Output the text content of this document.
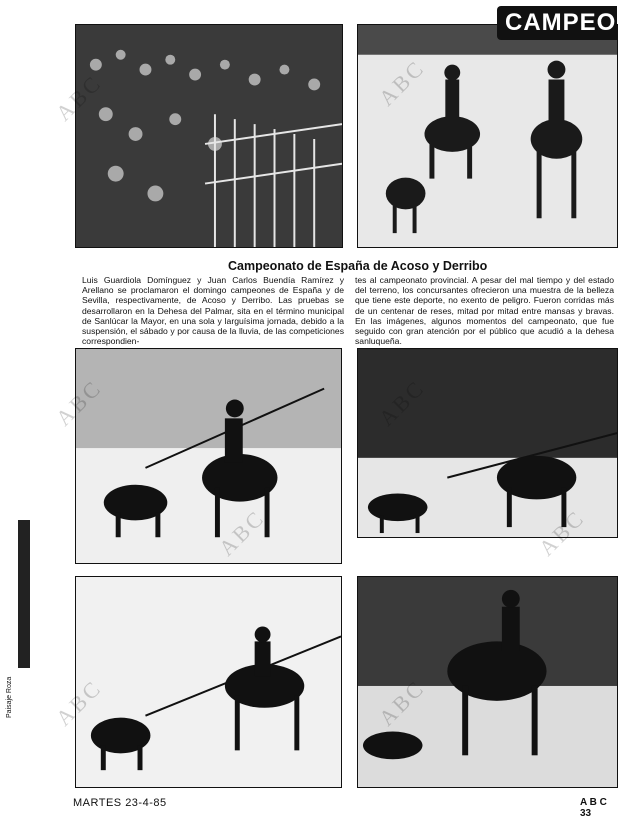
CAMPEO
Campeonato de España de Acoso y Derribo
Luis Guardiola Domínguez y Juan Carlos Buendía Ramírez y Arellano se proclamaron el domingo campeones de España y de Sevilla, respectivamente, de Acoso y Derribo. Las pruebas se desarrollaron en la Dehesa del Palmar, sita en el término municipal de Sanlúcar la Mayor, en una sola y larguísima jornada, debido a la suspensión, el sábado y por causa de la lluvia, de las competiciones correspondien-
tes al campeonato provincial. A pesar del mal tiempo y del estado del terreno, los concursantes ofrecieron una muestra de la belleza que tiene este deporte, no exento de peligro. Fueron corridas más de un centenar de reses, mitad por mitad entre mansas y bravas. En las imágenes, algunos momentos del campeonato, que fue seguido con gran atención por el público que acudió a la dehesa sanluqueña.
Paisaje Roza
MARTES 23-4-85	A B C 33
